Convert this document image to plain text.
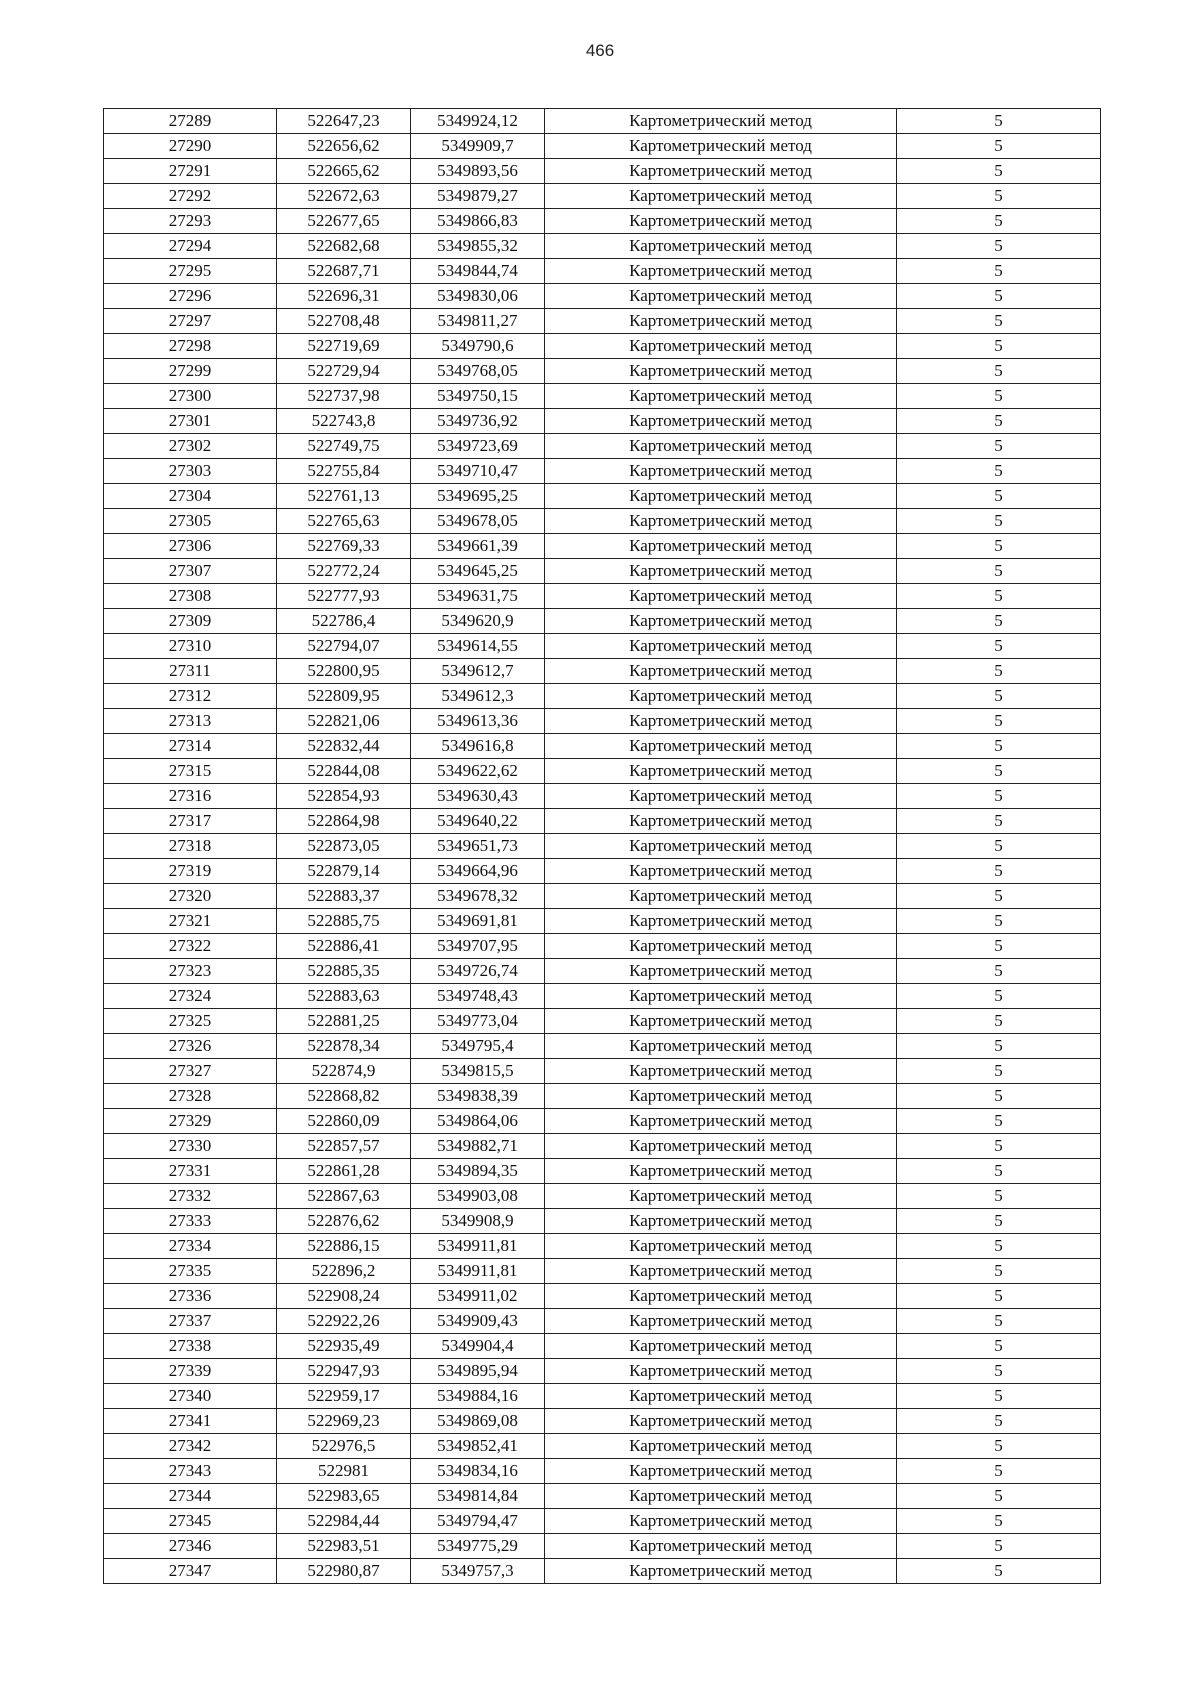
466
27289	522647,23	5349924,12	Картометрический метод	5
27290	522656,62	5349909,7	Картометрический метод	5
27291	522665,62	5349893,56	Картометрический метод	5
27292	522672,63	5349879,27	Картометрический метод	5
27293	522677,65	5349866,83	Картометрический метод	5
27294	522682,68	5349855,32	Картометрический метод	5
27295	522687,71	5349844,74	Картометрический метод	5
27296	522696,31	5349830,06	Картометрический метод	5
27297	522708,48	5349811,27	Картометрический метод	5
27298	522719,69	5349790,6	Картометрический метод	5
27299	522729,94	5349768,05	Картометрический метод	5
27300	522737,98	5349750,15	Картометрический метод	5
27301	522743,8	5349736,92	Картометрический метод	5
27302	522749,75	5349723,69	Картометрический метод	5
27303	522755,84	5349710,47	Картометрический метод	5
27304	522761,13	5349695,25	Картометрический метод	5
27305	522765,63	5349678,05	Картометрический метод	5
27306	522769,33	5349661,39	Картометрический метод	5
27307	522772,24	5349645,25	Картометрический метод	5
27308	522777,93	5349631,75	Картометрический метод	5
27309	522786,4	5349620,9	Картометрический метод	5
27310	522794,07	5349614,55	Картометрический метод	5
27311	522800,95	5349612,7	Картометрический метод	5
27312	522809,95	5349612,3	Картометрический метод	5
27313	522821,06	5349613,36	Картометрический метод	5
27314	522832,44	5349616,8	Картометрический метод	5
27315	522844,08	5349622,62	Картометрический метод	5
27316	522854,93	5349630,43	Картометрический метод	5
27317	522864,98	5349640,22	Картометрический метод	5
27318	522873,05	5349651,73	Картометрический метод	5
27319	522879,14	5349664,96	Картометрический метод	5
27320	522883,37	5349678,32	Картометрический метод	5
27321	522885,75	5349691,81	Картометрический метод	5
27322	522886,41	5349707,95	Картометрический метод	5
27323	522885,35	5349726,74	Картометрический метод	5
27324	522883,63	5349748,43	Картометрический метод	5
27325	522881,25	5349773,04	Картометрический метод	5
27326	522878,34	5349795,4	Картометрический метод	5
27327	522874,9	5349815,5	Картометрический метод	5
27328	522868,82	5349838,39	Картометрический метод	5
27329	522860,09	5349864,06	Картометрический метод	5
27330	522857,57	5349882,71	Картометрический метод	5
27331	522861,28	5349894,35	Картометрический метод	5
27332	522867,63	5349903,08	Картометрический метод	5
27333	522876,62	5349908,9	Картометрический метод	5
27334	522886,15	5349911,81	Картометрический метод	5
27335	522896,2	5349911,81	Картометрический метод	5
27336	522908,24	5349911,02	Картометрический метод	5
27337	522922,26	5349909,43	Картометрический метод	5
27338	522935,49	5349904,4	Картометрический метод	5
27339	522947,93	5349895,94	Картометрический метод	5
27340	522959,17	5349884,16	Картометрический метод	5
27341	522969,23	5349869,08	Картометрический метод	5
27342	522976,5	5349852,41	Картометрический метод	5
27343	522981	5349834,16	Картометрический метод	5
27344	522983,65	5349814,84	Картометрический метод	5
27345	522984,44	5349794,47	Картометрический метод	5
27346	522983,51	5349775,29	Картометрический метод	5
27347	522980,87	5349757,3	Картометрический метод	5
